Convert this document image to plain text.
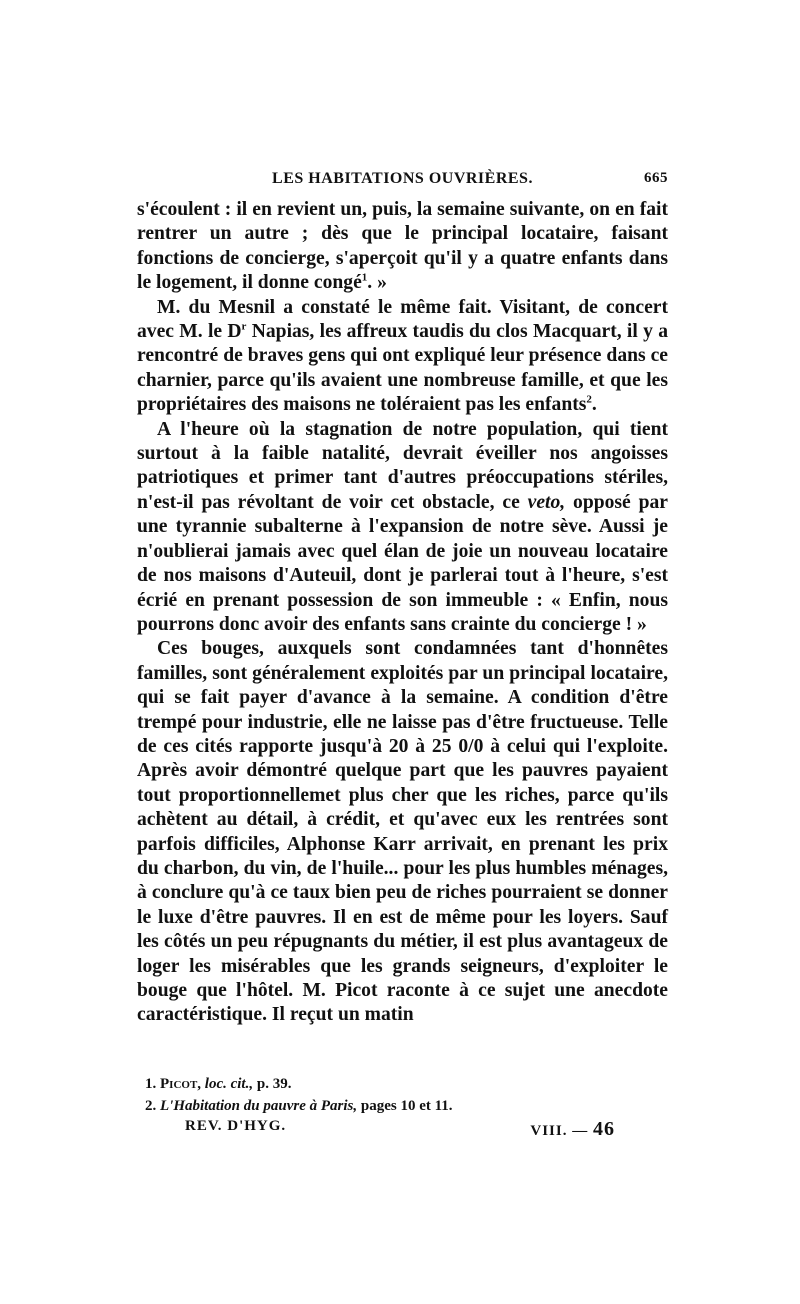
LES HABITATIONS OUVRIÈRES.	665

s'écoulent : il en revient un, puis, la semaine suivante, on en fait rentrer un autre ; dès que le principal locataire, faisant fonctions de concierge, s'aperçoit qu'il y a quatre enfants dans le logement, il donne congé$^1$. »

M. du Mesnil a constaté le même fait. Visitant, de concert avec M. le $D^r$ Napias, les affreux taudis du clos Macquart, il y a rencontré de braves gens qui ont expliqué leur présence dans ce charnier, parce qu'ils avaient une nombreuse famille, et que les propriétaires des maisons ne toléraient pas les enfants$^2$.

A l'heure où la stagnation de notre population, qui tient surtout à la faible natalité, devrait éveiller nos angoisses patriotiques et primer tant d'autres préoccupations stériles, n'est-il pas révoltant de voir cet obstacle, ce veto, opposé par une tyrannie subalterne à l'expansion de notre sève. Aussi je n'oublierai jamais avec quel élan de joie un nouveau locataire de nos maisons d'Auteuil, dont je parlerai tout à l'heure, s'est écrié en prenant possession de son immeuble : « Enfin, nous pourrons donc avoir des enfants sans crainte du concierge ! »

Ces bouges, auxquels sont condamnées tant d'honnêtes familles, sont généralement exploités par un principal locataire, qui se fait payer d'avance à la semaine. A condition d'être trempé pour industrie, elle ne laisse pas d'être fructueuse. Telle de ces cités rapporte jusqu'à 20 à 25 0/0 à celui qui l'exploite. Après avoir démontré quelque part que les pauvres payaient tout proportionnellemet plus cher que les riches, parce qu'ils achètent au détail, à crédit, et qu'avec eux les rentrées sont parfois difficiles, Alphonse Karr arrivait, en prenant les prix du charbon, du vin, de l'huile... pour les plus humbles ménages, à conclure qu'à ce taux bien peu de riches pourraient se donner le luxe d'être pauvres. Il en est de même pour les loyers. Sauf les côtés un peu répugnants du métier, il est plus avantageux de loger les misérables que les grands seigneurs, d'exploiter le bouge que l'hôtel. M. Picot raconte à ce sujet une anecdote caractéristique. Il reçut un matin

1. Picot, loc. cit., p. 39.

2. L'Habitation du pauvre à Paris, pages 10 et 11.

REV. D'HYG.	VIII. — 46
